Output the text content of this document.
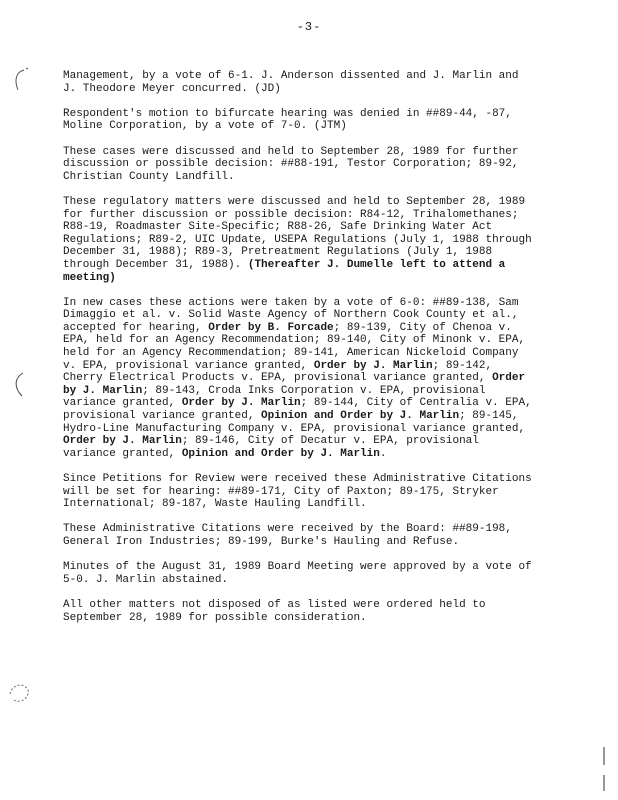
-3-

Management, by a vote of 6-1. J. Anderson dissented and J. Marlin and J. Theodore Meyer concurred. (JD)

Respondent's motion to bifurcate hearing was denied in ##89-44, -87, Moline Corporation, by a vote of 7-0. (JTM)

These cases were discussed and held to September 28, 1989 for further discussion or possible decision: ##88-191, Testor Corporation; 89-92, Christian County Landfill.

These regulatory matters were discussed and held to September 28, 1989 for further discussion or possible decision: R84-12, Trihalomethanes; R88-19, Roadmaster Site-Specific; R88-26, Safe Drinking Water Act Regulations; R89-2, UIC Update, USEPA Regulations (July 1, 1988 through December 31, 1988); R89-3, Pretreatment Regulations (July 1, 1988 through December 31, 1988). (Thereafter J. Dumelle left to attend a meeting)

In new cases these actions were taken by a vote of 6-0: ##89-138, Sam Dimaggio et al. v. Solid Waste Agency of Northern Cook County et al., accepted for hearing, Order by B. Forcade; 89-139, City of Chenoa v. EPA, held for an Agency Recommendation; 89-140, City of Minonk v. EPA, held for an Agency Recommendation; 89-141, American Nickeloid Company v. EPA, provisional variance granted, Order by J. Marlin; 89-142, Cherry Electrical Products v. EPA, provisional variance granted, Order by J. Marlin; 89-143, Croda Inks Corporation v. EPA, provisional variance granted, Order by J. Marlin; 89-144, City of Centralia v. EPA, provisional variance granted, Opinion and Order by J. Marlin; 89-145, Hydro-Line Manufacturing Company v. EPA, provisional variance granted, Order by J. Marlin; 89-146, City of Decatur v. EPA, provisional variance granted, Opinion and Order by J. Marlin.

Since Petitions for Review were received these Administrative Citations will be set for hearing: ##89-171, City of Paxton; 89-175, Stryker International; 89-187, Waste Hauling Landfill.

These Administrative Citations were received by the Board: ##89-198, General Iron Industries; 89-199, Burke's Hauling and Refuse.

Minutes of the August 31, 1989 Board Meeting were approved by a vote of 5-0. J. Marlin abstained.

All other matters not disposed of as listed were ordered held to September 28, 1989 for possible consideration.
